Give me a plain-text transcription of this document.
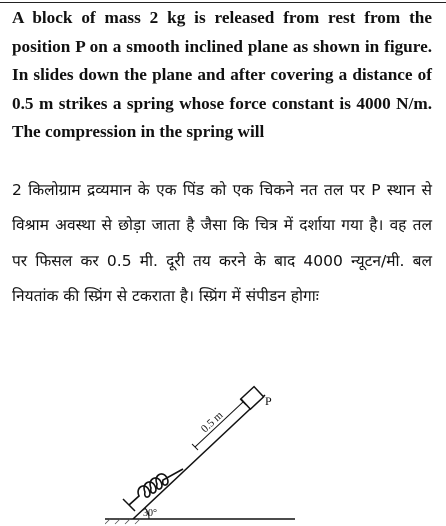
A block of mass 2 kg is released from rest from the position P on a smooth inclined plane as shown in figure. In slides down the plane and after covering a distance of 0.5 m strikes a spring whose force constant is 4000 N/m. The compression in the spring will

2 किलोग्राम द्रव्यमान के एक पिंड को एक चिकने नत तल पर P स्थान से विश्राम अवस्था से छोड़ा जाता है जैसा कि चित्र में दर्शाया गया है। वह तल पर फिसल कर 0.5 मी. दूरी तय करने के बाद 4000 न्यूटन/मी. बल नियतांक की स्प्रिंग से टकराता है। स्प्रिंग में संपीडन होगाः

0.5 m
P
30°
